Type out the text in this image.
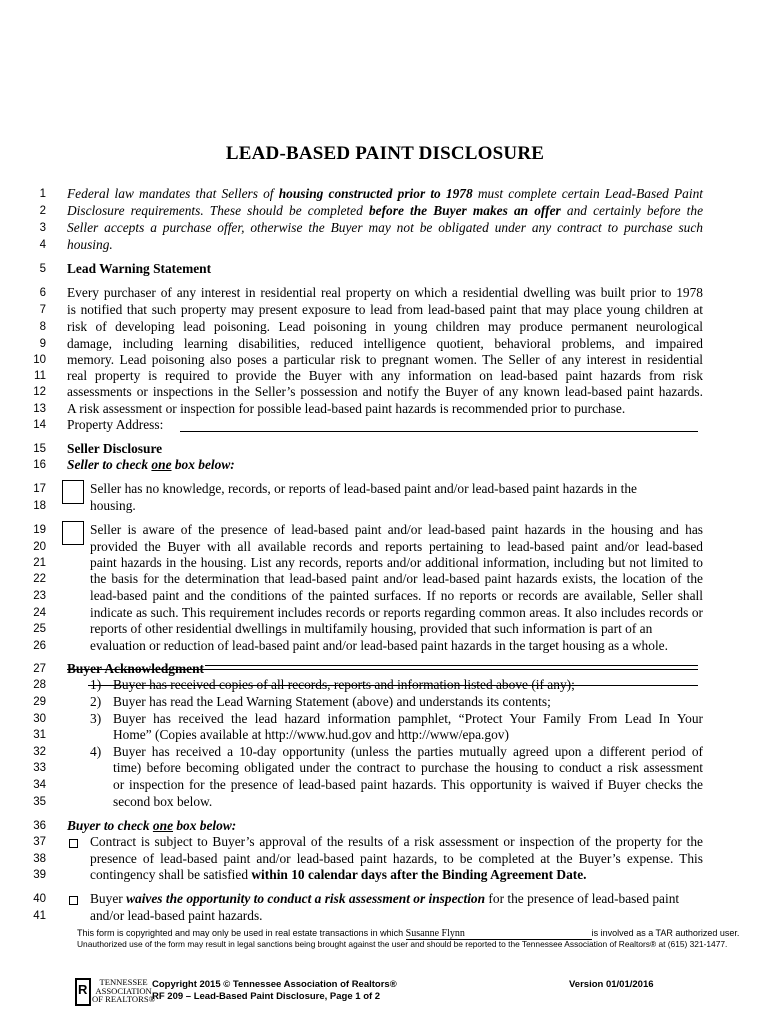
LEAD-BASED PAINT DISCLOSURE
1
2
3
4
5
6
7
8
9
10
11
12
13
14
15
16
17
18
19
20
21
22
23
24
25
26
27
28
29
30
31
32
33
34
35
36
37
38
39
40
41
Federal law mandates that Sellers of housing constructed prior to 1978 must complete certain Lead-Based Paint
Disclosure requirements. These should be completed before the Buyer makes an offer and certainly before the
Seller accepts a purchase offer, otherwise the Buyer may not be obligated under any contract to purchase such
housing.
Lead Warning Statement
Every purchaser of any interest in residential real property on which a residential dwelling was built prior to 1978
is notified that such property may present exposure to lead from lead-based paint that may place young children at
risk of developing lead poisoning. Lead poisoning in young children may produce permanent neurological
damage, including learning disabilities, reduced intelligence quotient, behavioral problems, and impaired
memory. Lead poisoning also poses a particular risk to pregnant women. The Seller of any interest in residential
real property is required to provide the Buyer with any information on lead-based paint hazards from risk
assessments or inspections in the Seller’s possession and notify the Buyer of any known lead-based paint hazards.
A risk assessment or inspection for possible lead-based paint hazards is recommended prior to purchase.
Property Address:
Seller Disclosure
Seller to check one box below:
Seller has no knowledge, records, or reports of lead-based paint and/or lead-based paint hazards in the
housing.
Seller is aware of the presence of lead-based paint and/or lead-based paint hazards in the housing and has
provided the Buyer with all available records and reports pertaining to lead-based paint and/or lead-based
paint hazards in the housing. List any records, reports and/or additional information, including but not limited to
the basis for the determination that lead-based paint and/or lead-based paint hazards exists, the location of the
lead-based paint and the conditions of the painted surfaces. If no reports or records are available, Seller shall
indicate as such. This requirement includes records or reports regarding common areas. It also includes records or
reports of other residential dwellings in multifamily housing, provided that such information is part of an
evaluation or reduction of lead-based paint and/or lead-based paint hazards in the target housing as a whole.
Buyer Acknowledgment
1) Buyer has received copies of all records, reports and information listed above (if any);
2) Buyer has read the Lead Warning Statement (above) and understands its contents;
3) Buyer has received the lead hazard information pamphlet, “Protect Your Family From Lead In Your
Home” (Copies available at http://www.hud.gov and http://www/epa.gov)
4) Buyer has received a 10-day opportunity (unless the parties mutually agreed upon a different period of
time) before becoming obligated under the contract to purchase the housing to conduct a risk assessment
or inspection for the presence of lead-based paint hazards. This opportunity is waived if Buyer checks the
second box below.
Buyer to check one box below:
Contract is subject to Buyer’s approval of the results of a risk assessment or inspection of the property for the
presence of lead-based paint and/or lead-based paint hazards, to be completed at the Buyer’s expense. This
contingency shall be satisfied within 10 calendar days after the Binding Agreement Date.
Buyer waives the opportunity to conduct a risk assessment or inspection for the presence of lead-based paint
and/or lead-based paint hazards.
This form is copyrighted and may only be used in real estate transactions in which Susanne Flynn	is involved as a TAR authorized user.
Unauthorized use of the form may result in legal sanctions being brought against the user and should be reported to the Tennessee Association of Realtors® at (615) 321-1477.
R	TENNESSEE
ASSOCIATION
OF REALTORS®
Copyright 2015 © Tennessee Association of Realtors®
RF 209 – Lead-Based Paint Disclosure, Page 1 of 2
Version 01/01/2016
